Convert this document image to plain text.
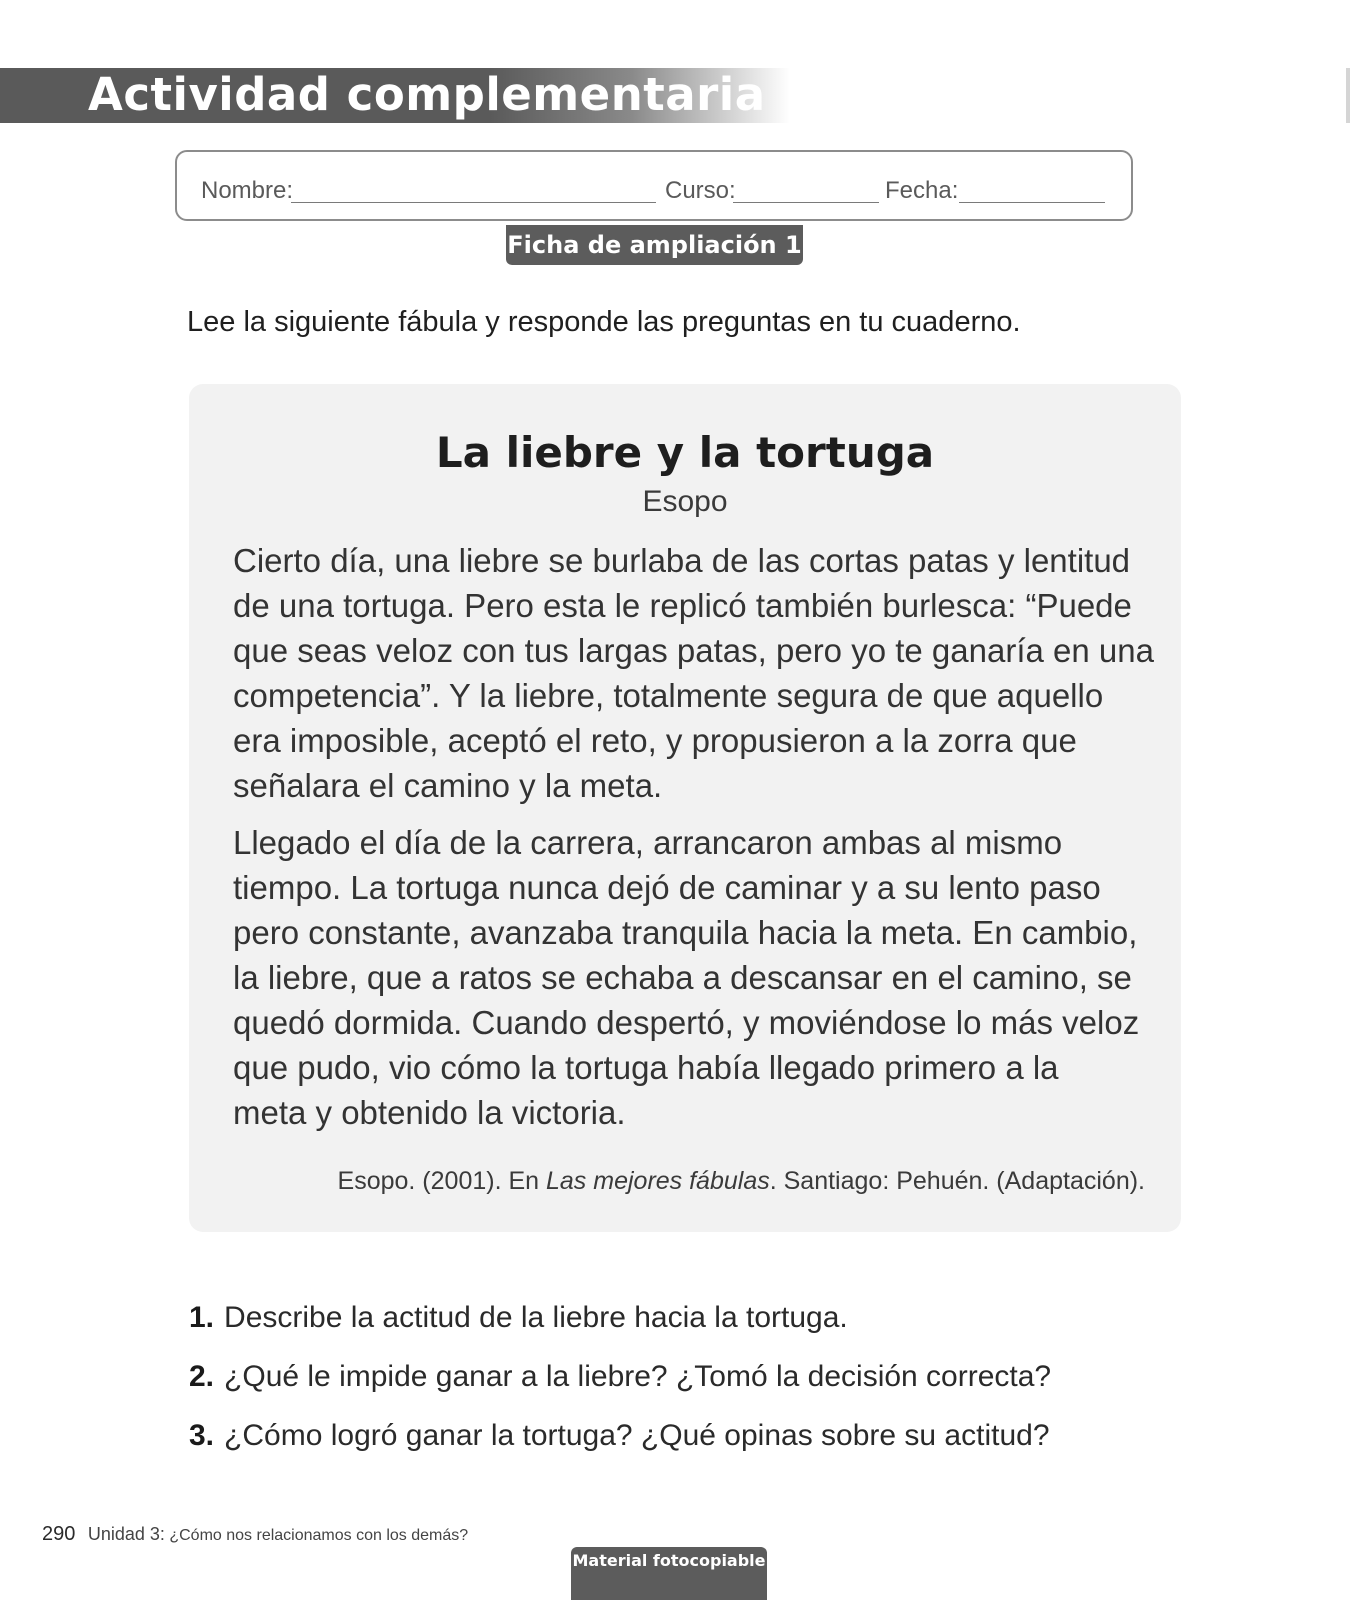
Actividad complementaria
Nombre:	Curso:	Fecha:
Ficha de ampliación 1
Lee la siguiente fábula y responde las preguntas en tu cuaderno.
La liebre y la tortuga
Esopo
Cierto día, una liebre se burlaba de las cortas patas y lentitud
de una tortuga. Pero esta le replicó también burlesca: “Puede
que seas veloz con tus largas patas, pero yo te ganaría en una
competencia”. Y la liebre, totalmente segura de que aquello
era imposible, aceptó el reto, y propusieron a la zorra que
señalara el camino y la meta.
Llegado el día de la carrera, arrancaron ambas al mismo
tiempo. La tortuga nunca dejó de caminar y a su lento paso
pero constante, avanzaba tranquila hacia la meta. En cambio,
la liebre, que a ratos se echaba a descansar en el camino, se
quedó dormida. Cuando despertó, y moviéndose lo más veloz
que pudo, vio cómo la tortuga había llegado primero a la
meta y obtenido la victoria.
Esopo. (2001). En Las mejores fábulas. Santiago: Pehuén. (Adaptación).
1. Describe la actitud de la liebre hacia la tortuga.
2. ¿Qué le impide ganar a la liebre? ¿Tomó la decisión correcta?
3. ¿Cómo logró ganar la tortuga? ¿Qué opinas sobre su actitud?
290 Unidad 3: ¿Cómo nos relacionamos con los demás?
Material fotocopiable
